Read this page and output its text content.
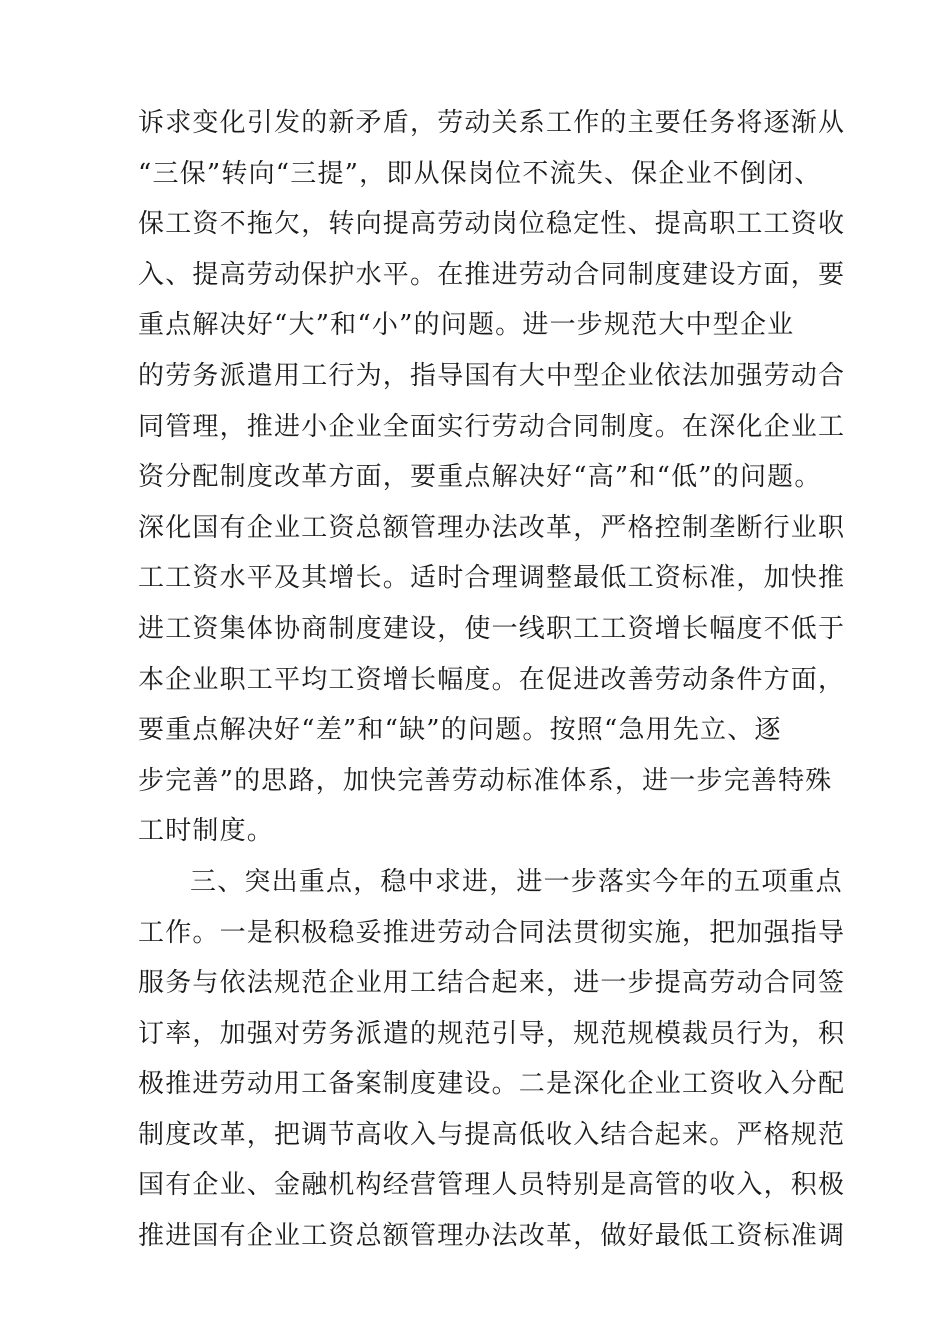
诉求变化引发的新矛盾，劳动关系工作的主要任务将逐渐从
“三保”转向“三提”，即从保岗位不流失、保企业不倒闭、
保工资不拖欠，转向提高劳动岗位稳定性、提高职工工资收
入、提高劳动保护水平。在推进劳动合同制度建设方面，要
重点解决好“大”和“小”的问题。进一步规范大中型企业
的劳务派遣用工行为，指导国有大中型企业依法加强劳动合
同管理，推进小企业全面实行劳动合同制度。在深化企业工
资分配制度改革方面，要重点解决好“高”和“低”的问题。
深化国有企业工资总额管理办法改革，严格控制垄断行业职
工工资水平及其增长。适时合理调整最低工资标准，加快推
进工资集体协商制度建设，使一线职工工资增长幅度不低于
本企业职工平均工资增长幅度。在促进改善劳动条件方面，
要重点解决好“差”和“缺”的问题。按照“急用先立、逐
步完善”的思路，加快完善劳动标准体系，进一步完善特殊
工时制度。
三、突出重点，稳中求进，进一步落实今年的五项重点
工作。一是积极稳妥推进劳动合同法贯彻实施，把加强指导
服务与依法规范企业用工结合起来，进一步提高劳动合同签
订率，加强对劳务派遣的规范引导，规范规模裁员行为，积
极推进劳动用工备案制度建设。二是深化企业工资收入分配
制度改革，把调节高收入与提高低收入结合起来。严格规范
国有企业、金融机构经营管理人员特别是高管的收入，积极
推进国有企业工资总额管理办法改革，做好最低工资标准调
